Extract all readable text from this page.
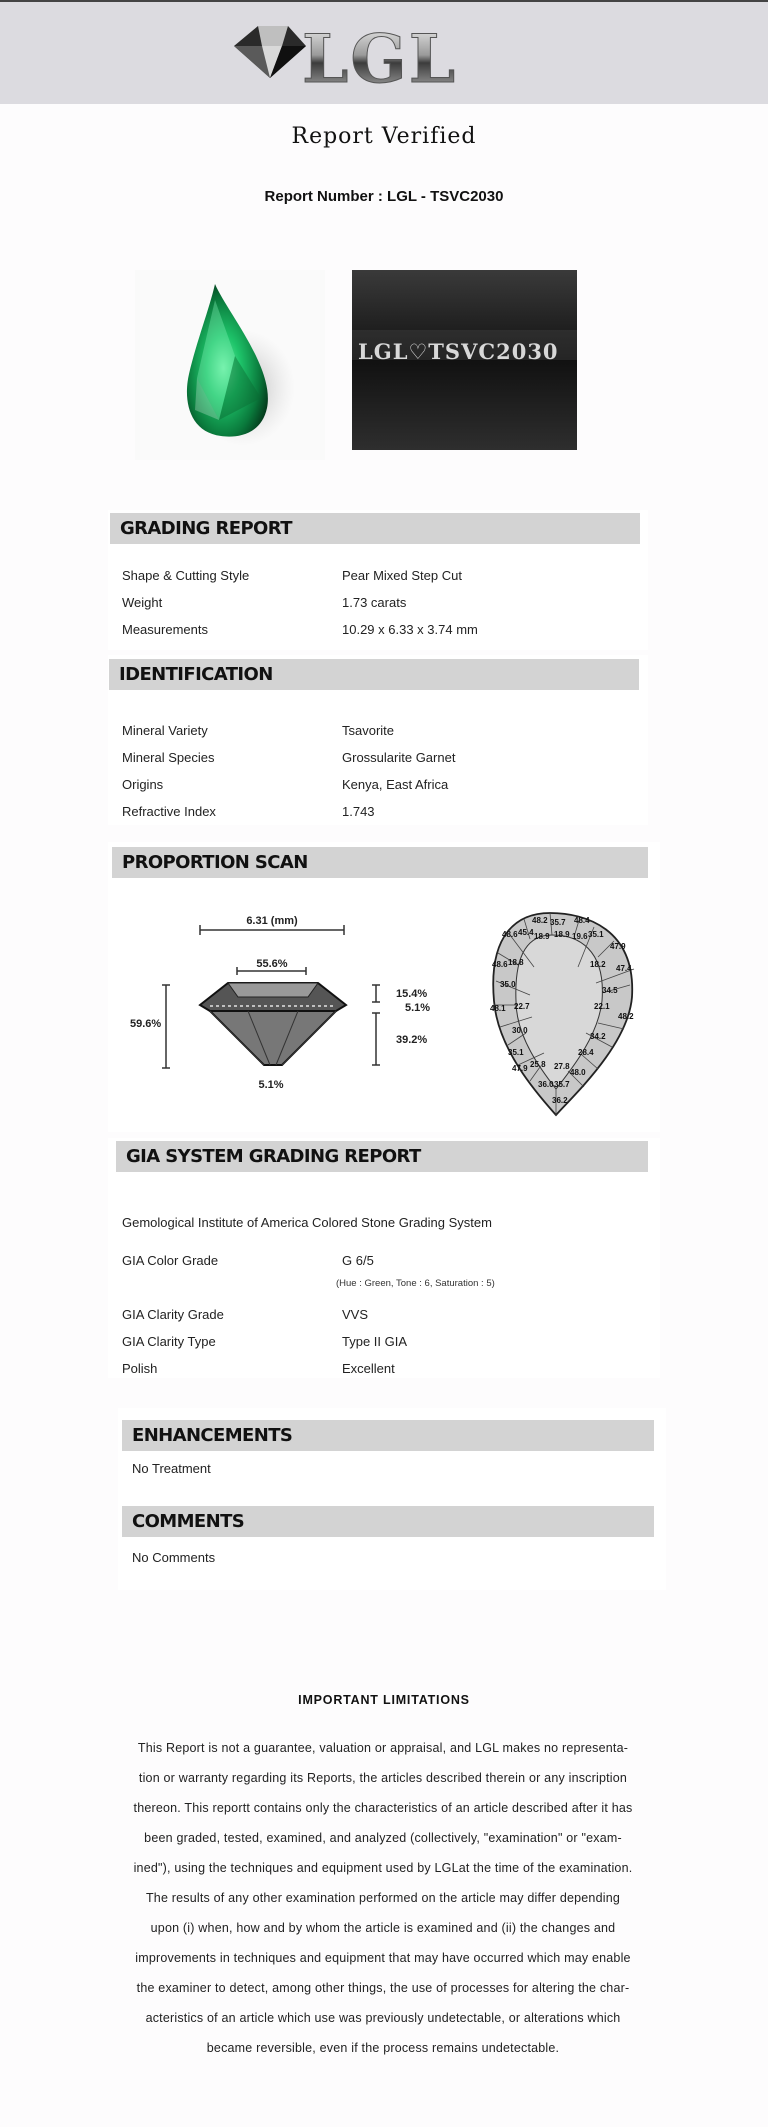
LGL
Report Verified
Report Number : LGL - TSVC2030
LGL♡TSVC2030
GRADING REPORT
Shape & Cutting Style	Pear Mixed Step Cut
Weight	1.73 carats
Measurements	10.29 x 6.33 x 3.74 mm
IDENTIFICATION
Mineral Variety	Tsavorite
Mineral Species	Grossularite Garnet
Origins	Kenya, East Africa
Refractive Index	1.743
PROPORTION SCAN
6.31 (mm)
55.6%
59.6%
15.4%
5.1%
39.2%
5.1%
48.2 35.7 48.4
48.6 45.4 18.9 18.9 19.6 35.1
47.9
48.6 18.8	18.2 47.4
35.0
34.5
48.1 22.7	22.1
48.2
30.0
35.1
34.2
28.4
47.9 25.8 27.8
48.0
36.0 35.7
36.2
GIA SYSTEM GRADING REPORT
Gemological Institute of America Colored Stone Grading System
GIA Color Grade	G 6/5
(Hue : Green, Tone : 6, Saturation : 5)
GIA Clarity Grade	VVS
GIA Clarity Type	Type II GIA
Polish	Excellent
ENHANCEMENTS
No Treatment
COMMENTS
No Comments
IMPORTANT LIMITATIONS
This Report is not a guarantee, valuation or appraisal, and LGL makes no representa-
tion or warranty regarding its Reports, the articles described therein or any inscription
thereon. This reportt contains only the characteristics of an article described after it has
been graded, tested, examined, and analyzed (collectively, "examination" or "exam-
ined"), using the techniques and equipment used by LGLat the time of the examination.
The results of any other examination performed on the article may differ depending
upon (i) when, how and by whom the article is examined and (ii) the changes and
improvements in techniques and equipment that may have occurred which may enable
the examiner to detect, among other things, the use of processes for altering the char-
acteristics of an article which use was previously undetectable, or alterations which
became reversible, even if the process remains undetectable.
